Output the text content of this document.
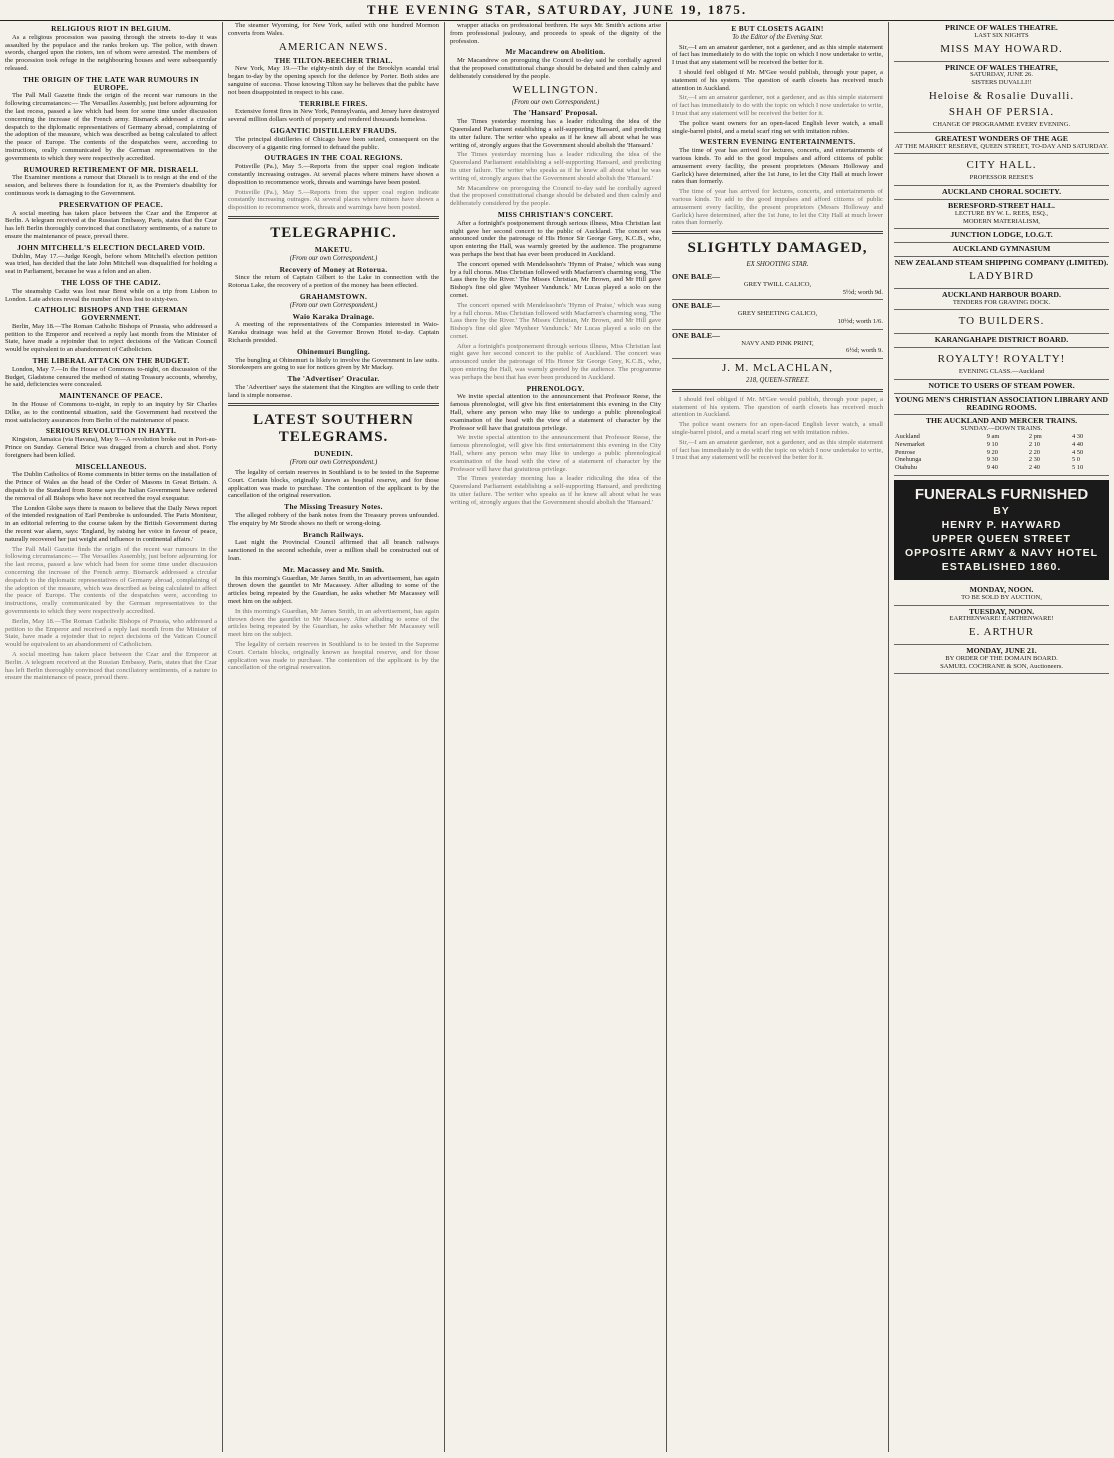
THE EVENING STAR, SATURDAY, JUNE 19, 1875.
RELIGIOUS RIOT IN BELGIUM.

As a religious procession was passing through the streets to-day it was assaulted by the populace and the ranks broken up. The police, with drawn swords, charged upon the rioters, ten of whom were arrested. The members of the procession took refuge in the neighbouring houses and were subsequently released.

THE ORIGIN OF THE LATE WAR RUMOURS IN EUROPE.

The Pall Mall Gazette finds the origin of the recent war rumours in the following circumstances:— The Versailles Assembly, just before adjourning for the last recess, passed a law which had been for some time under discussion concerning the increase of the French army. Bismarck addressed a circular despatch to the diplomatic representatives of Germany abroad, complaining of the adoption of the measure, which was described as being calculated to affect the peace of Europe. The contents of the despatches were, according to instructions, orally communicated by the German representatives to the governments to which they were respectively accredited.

RUMOURED RETIREMENT OF MR. DISRAELI.

The Examiner mentions a rumour that Disraeli is to resign at the end of the session, and believes there is foundation for it, as the Premier's disability for continuous work is damaging to the Government.

PRESERVATION OF PEACE.

A social meeting has taken place between the Czar and the Emperor at Berlin. A telegram received at the Russian Embassy, Paris, states that the Czar has left Berlin thoroughly convinced that conciliatory sentiments, of a nature to ensure the maintenance of peace, prevail there.

JOHN MITCHELL'S ELECTION DECLARED VOID.

Dublin, May 17.—Judge Keogh, before whom Mitchell's election petition was tried, has decided that the late John Mitchell was disqualified for holding a seat in Parliament, because he was a felon and an alien.

THE LOSS OF THE CADIZ.

The steamship Cadiz was lost near Brest while on a trip from Lisbon to London. Late advices reveal the number of lives lost to sixty-two.

CATHOLIC BISHOPS AND THE GERMAN GOVERNMENT.

Berlin, May 18.—The Roman Catholic Bishops of Prussia, who addressed a petition to the Emperor and received a reply last month from the Minister of State, have made a rejoinder that to reject decisions of the Vatican Council would be equivalent to an abandonment of Catholicism.

THE LIBERAL ATTACK ON THE BUDGET.

London, May 7.—In the House of Commons to-night, on discussion of the Budget, Gladstone censured the method of stating Treasury accounts, whereby, he said, deficiencies were concealed.

MAINTENANCE OF PEACE.

In the House of Commons to-night, in reply to an inquiry by Sir Charles Dilke, as to the continental situation, said the Government had received the most satisfactory assurances from Berlin of the maintenance of peace.

SERIOUS REVOLUTION IN HAYTI.

Kingston, Jamaica (via Havana), May 9.—A revolution broke out in Port-au-Prince on Sunday. General Brice was dragged from a church and shot. Forty foreigners had been killed.

MISCELLANEOUS.

The Dublin Catholics of Rome comments in bitter terms on the installation of the Prince of Wales as the head of the Order of Masons in Great Britain. A dispatch to the Standard from Rome says the Italian Government have ordered the removal of all Bishops who have not received the royal exequatur.

The London Globe says there is reason to believe that the Daily News report of the intended resignation of Earl Pembroke is unfounded. The Paris Moniteur, in an editorial referring to the course taken by the British Government during the recent war alarm, says: 'England, by raising her voice in favour of peace, naturally recovered her just weight and influence in continental affairs.'

The Pall Mall Gazette finds the origin of the recent war rumours in the following circumstances:— The Versailles Assembly, just before adjourning for the last recess, passed a law which had been for some time under discussion concerning the increase of the French army. Bismarck addressed a circular despatch to the diplomatic representatives of Germany abroad, complaining of the adoption of the measure, which was described as being calculated to affect the peace of Europe. The contents of the despatches were, according to instructions, orally communicated by the German representatives to the governments to which they were respectively accredited.

Berlin, May 18.—The Roman Catholic Bishops of Prussia, who addressed a petition to the Emperor and received a reply last month from the Minister of State, have made a rejoinder that to reject decisions of the Vatican Council would be equivalent to an abandonment of Catholicism.

A social meeting has taken place between the Czar and the Emperor at Berlin. A telegram received at the Russian Embassy, Paris, states that the Czar has left Berlin thoroughly convinced that conciliatory sentiments, of a nature to ensure the maintenance of peace, prevail there.

The steamer Wyoming, for New York, sailed with one hundred Mormon converts from Wales.

AMERICAN NEWS.
THE TILTON-BEECHER TRIAL.

New York, May 19.—The eighty-ninth day of the Brooklyn scandal trial began to-day by the opening speech for the defence by Porter. Both sides are sanguine of success. Those knowing Tilton say he believes that the public have not been disappointed in respect to his case.

TERRIBLE FIRES.

Extensive forest fires in New York, Pennsylvania, and Jersey have destroyed several million dollars worth of property and rendered thousands homeless.

GIGANTIC DISTILLERY FRAUDS.

The principal distilleries of Chicago have been seized, consequent on the discovery of a gigantic ring formed to defraud the public.

OUTRAGES IN THE COAL REGIONS.

Pottsville (Pa.), May 5.—Reports from the upper coal region indicate constantly increasing outrages. At several places where miners have shown a disposition to recommence work, threats and warnings have been posted.

Pottsville (Pa.), May 5.—Reports from the upper coal region indicate constantly increasing outrages. At several places where miners have shown a disposition to recommence work, threats and warnings have been posted.

TELEGRAPHIC.
MAKETU.
(From our own Correspondent.)
Recovery of Money at Rotorua.

Since the return of Captain Gilbert to the Lake in connection with the Rotorua Lake, the recovery of a portion of the money has been effected.

GRAHAMSTOWN.
(From our own Correspondent.)
Waio Karaka Drainage.

A meeting of the representatives of the Companies interested in Waio-Karaka drainage was held at the Governor Brown Hotel to-day. Captain Richards presided.

Ohinemuri Bungling.

The bungling at Ohinemuri is likely to involve the Government in law suits. Storekeepers are going to sue for notices given by Mr Mackay.

The 'Advertiser' Oracular.

The 'Advertiser' says the statement that the Kingites are willing to cede their land is simple nonsense.

LATEST SOUTHERN TELEGRAMS.
DUNEDIN.
(From our own Correspondent.)

The legality of certain reserves in Southland is to be tested in the Supreme Court. Certain blocks, originally known as hospital reserve, and for those application was made to purchase. The contention of the applicant is by the cancellation of the original reservation.

The Missing Treasury Notes.

The alleged robbery of the bank notes from the Treasury proves unfounded. The enquiry by Mr Strode shows no theft or wrong-doing.

Branch Railways.

Last night the Provincial Council affirmed that all branch railways sanctioned in the second schedule, over a million shall be constructed out of loan.

Mr. Macassey and Mr. Smith.

In this morning's Guardian, Mr James Smith, in an advertisement, has again thrown down the gauntlet to Mr Macassey. After alluding to some of the articles being repeated by the Guardian, he asks whether Mr Macassey will meet him on the subject.

In this morning's Guardian, Mr James Smith, in an advertisement, has again thrown down the gauntlet to Mr Macassey. After alluding to some of the articles being repeated by the Guardian, he asks whether Mr Macassey will meet him on the subject.

The legality of certain reserves in Southland is to be tested in the Supreme Court. Certain blocks, originally known as hospital reserve, and for those application was made to purchase. The contention of the applicant is by the cancellation of the original reservation.

wrapper attacks on professional brethren. He says Mr. Smith's actions arise from professional jealousy, and proceeds to speak of the dignity of the profession.

Mr Macandrew on Abolition.

Mr Macandrew on proroguing the Council to-day said he cordially agreed that the proposed constitutional change should be debated and then calmly and deliberately considered by the people.

WELLINGTON.
(From our own Correspondent.)
The 'Hansard' Proposal.

The Times yesterday morning has a leader ridiculing the idea of the Queensland Parliament establishing a self-supporting Hansard, and predicting its utter failure. The writer who speaks as if he knew all about what he was writing of, strongly argues that the Government should abolish the 'Hansard.'

The Times yesterday morning has a leader ridiculing the idea of the Queensland Parliament establishing a self-supporting Hansard, and predicting its utter failure. The writer who speaks as if he knew all about what he was writing of, strongly argues that the Government should abolish the 'Hansard.'

Mr Macandrew on proroguing the Council to-day said he cordially agreed that the proposed constitutional change should be debated and then calmly and deliberately considered by the people.

MISS CHRISTIAN'S CONCERT.

After a fortnight's postponement through serious illness, Miss Christian last night gave her second concert to the public of Auckland. The concert was announced under the patronage of His Honor Sir George Grey, K.C.B., who, upon entering the Hall, was warmly greeted by the audience. The programme was perhaps the best that has ever been produced in Auckland.

The concert opened with Mendelssohn's 'Hymn of Praise,' which was sung by a full chorus. Miss Christian followed with Macfarren's charming song, 'The Lass there by the River.' The Misses Christian, Mr Brown, and Mr Hill gave Bishop's fine old glee 'Mynheer Vandunck.' Mr Lucas played a solo on the cornet.

The concert opened with Mendelssohn's 'Hymn of Praise,' which was sung by a full chorus. Miss Christian followed with Macfarren's charming song, 'The Lass there by the River.' The Misses Christian, Mr Brown, and Mr Hill gave Bishop's fine old glee 'Mynheer Vandunck.' Mr Lucas played a solo on the cornet.

After a fortnight's postponement through serious illness, Miss Christian last night gave her second concert to the public of Auckland. The concert was announced under the patronage of His Honor Sir George Grey, K.C.B., who, upon entering the Hall, was warmly greeted by the audience. The programme was perhaps the best that has ever been produced in Auckland.

PHRENOLOGY.

We invite special attention to the announcement that Professor Reese, the famous phrenologist, will give his first entertainment this evening in the City Hall, where any person who may like to undergo a public phrenological examination of the head with the view of a statement of character by the Professor will have that gratuitous privilege.

We invite special attention to the announcement that Professor Reese, the famous phrenologist, will give his first entertainment this evening in the City Hall, where any person who may like to undergo a public phrenological examination of the head with the view of a statement of character by the Professor will have that gratuitous privilege.

The Times yesterday morning has a leader ridiculing the idea of the Queensland Parliament establishing a self-supporting Hansard, and predicting its utter failure. The writer who speaks as if he knew all about what he was writing of, strongly argues that the Government should abolish the 'Hansard.'

E BUT CLOSETS AGAIN!
To the Editor of the Evening Star.

Sir,—I am an amateur gardener, not a gardener, and as this simple statement of fact has immediately to do with the topic on which I now undertake to write, I trust that any statement will be received the better for it.

I should feel obliged if Mr. M'Gee would publish, through your paper, a statement of his system. The question of earth closets has received much attention in Auckland.

Sir,—I am an amateur gardener, not a gardener, and as this simple statement of fact has immediately to do with the topic on which I now undertake to write, I trust that any statement will be received the better for it.

The police want owners for an open-faced English lever watch, a small single-barrel pistol, and a metal scarf ring set with imitation rubies.

WESTERN EVENING ENTERTAINMENTS.

The time of year has arrived for lectures, concerts, and entertainments of various kinds. To add to the good impulses and afford citizens of public amusement every facility, the present proprietors (Messrs Holloway and Garlick) have determined, after the 1st June, to let the City Hall at much lower rates than formerly.

The time of year has arrived for lectures, concerts, and entertainments of various kinds. To add to the good impulses and afford citizens of public amusement every facility, the present proprietors (Messrs Holloway and Garlick) have determined, after the 1st June, to let the City Hall at much lower rates than formerly.

SLIGHTLY DAMAGED,
EX SHOOTING STAR.
ONE BALE—
GREY TWILL CALICO,
5½d; worth 9d.
ONE BALE—
GREY SHEETING CALICO,
10½d; worth 1/6.
ONE BALE—
NAVY AND PINK PRINT,
6½d; worth 9.
J. M. McLACHLAN,
218, QUEEN-STREET.

I should feel obliged if Mr. M'Gee would publish, through your paper, a statement of his system. The question of earth closets has received much attention in Auckland.

The police want owners for an open-faced English lever watch, a small single-barrel pistol, and a metal scarf ring set with imitation rubies.

Sir,—I am an amateur gardener, not a gardener, and as this simple statement of fact has immediately to do with the topic on which I now undertake to write, I trust that any statement will be received the better for it.

PRINCE OF WALES THEATRE.
LAST SIX NIGHTS
MISS MAY HOWARD.
PRINCE OF WALES THEATRE,
SATURDAY, JUNE 26.
SISTERS DUVALLI!!
Heloise & Rosalie Duvalli.
SHAH OF PERSIA.
CHANGE OF PROGRAMME EVERY EVENING.
GREATEST WONDERS OF THE AGE
AT THE MARKET RESERVE, QUEEN STREET, TO-DAY AND SATURDAY.
CITY HALL.
PROFESSOR REESE'S
AUCKLAND CHORAL SOCIETY.
BERESFORD-STREET HALL.
LECTURE BY W. L. REES, ESQ.,
MODERN MATERIALISM,
JUNCTION LODGE, I.O.G.T.
AUCKLAND GYMNASIUM
NEW ZEALAND STEAM SHIPPING COMPANY (LIMITED).
LADYBIRD
AUCKLAND HARBOUR BOARD.
TENDERS FOR GRAVING DOCK.
TO BUILDERS.
KARANGAHAPE DISTRICT BOARD.
ROYALTY! ROYALTY!
EVENING CLASS.—Auckland
NOTICE TO USERS OF STEAM POWER.
YOUNG MEN'S CHRISTIAN ASSOCIATION LIBRARY AND READING ROOMS.
THE AUCKLAND AND MERCER TRAINS.
SUNDAY.—DOWN TRAINS.
Auckland	9 am	2 pm	4 30
Newmarket	9 10	2 10	4 40
Penrose	9 20	2 20	4 50
Onehunga	9 30	2 30	5 0
Otahuhu	9 40	2 40	5 10
FUNERALS FURNISHED
BY
HENRY P. HAYWARD
UPPER QUEEN STREET
OPPOSITE ARMY & NAVY HOTEL
ESTABLISHED 1860.
MONDAY, NOON.
TO BE SOLD BY AUCTION,
TUESDAY, NOON.
EARTHENWARE! EARTHENWARE!
E. ARTHUR
MONDAY, JUNE 21.
BY ORDER OF THE DOMAIN BOARD.
SAMUEL COCHRANE & SON, Auctioneers.
